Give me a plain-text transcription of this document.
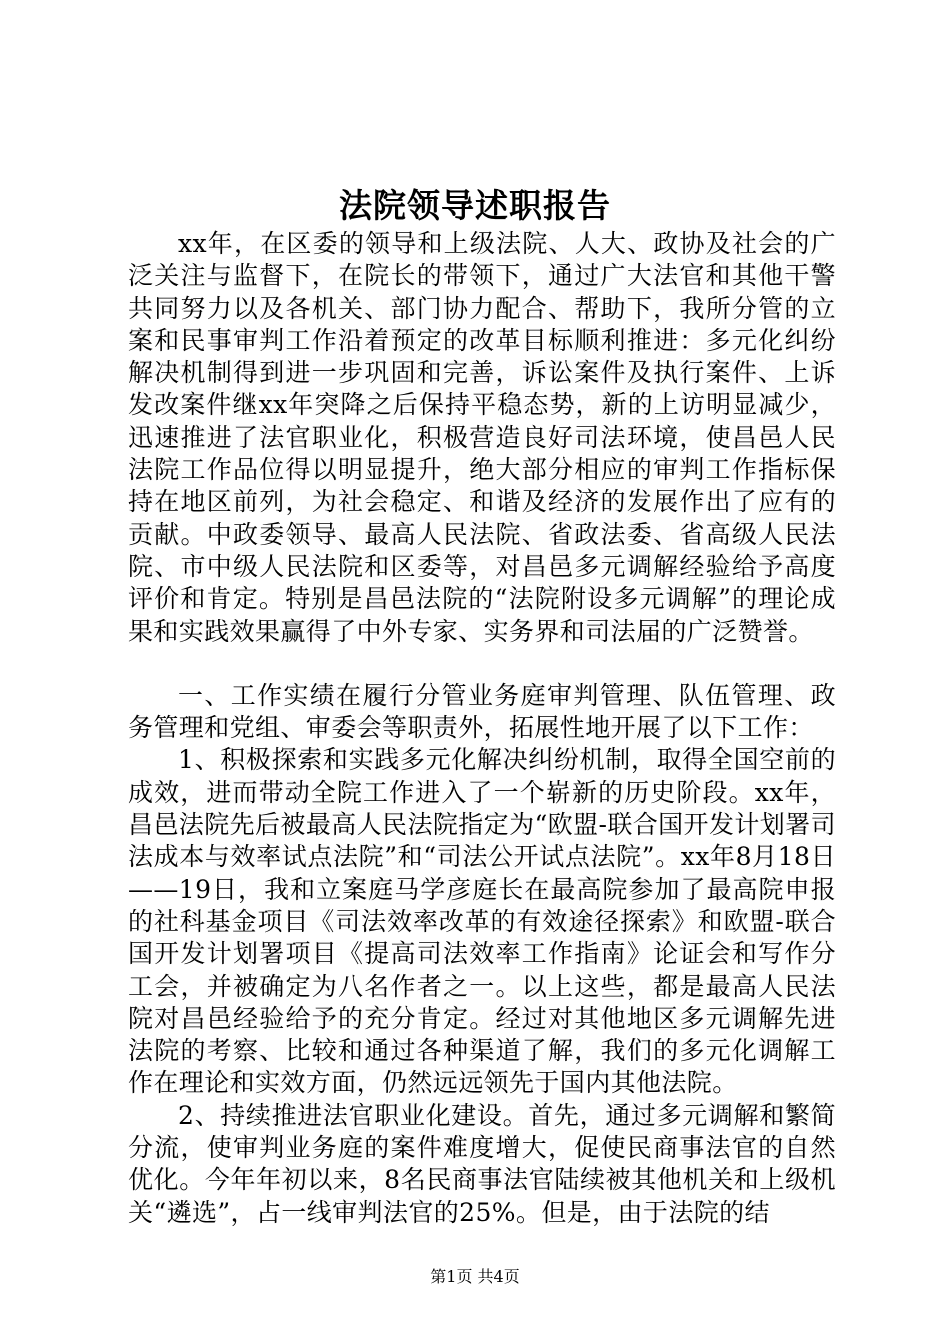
法院领导述职报告

xx年，在区委的领导和上级法院、人大、政协及社会的广泛关注与监督下，在院长的带领下，通过广大法官和其他干警共同努力以及各机关、部门协力配合、帮助下，我所分管的立案和民事审判工作沿着预定的改革目标顺利推进：多元化纠纷解决机制得到进一步巩固和完善，诉讼案件及执行案件、上诉发改案件继xx年突降之后保持平稳态势，新的上访明显减少，迅速推进了法官职业化，积极营造良好司法环境，使昌邑人民法院工作品位得以明显提升，绝大部分相应的审判工作指标保持在地区前列，为社会稳定、和谐及经济的发展作出了应有的贡献。中政委领导、最高人民法院、省政法委、省高级人民法院、市中级人民法院和区委等，对昌邑多元调解经验给予高度评价和肯定。特别是昌邑法院的“法院附设多元调解”的理论成果和实践效果赢得了中外专家、实务界和司法届的广泛赞誉。

一、工作实绩在履行分管业务庭审判管理、队伍管理、政务管理和党组、审委会等职责外，拓展性地开展了以下工作：

1、积极探索和实践多元化解决纠纷机制，取得全国空前的成效，进而带动全院工作进入了一个崭新的历史阶段。xx年，昌邑法院先后被最高人民法院指定为“欧盟-联合国开发计划署司法成本与效率试点法院”和“司法公开试点法院”。xx年8月18日——19日，我和立案庭马学彦庭长在最高院参加了最高院申报的社科基金项目《司法效率改革的有效途径探索》和欧盟-联合国开发计划署项目《提高司法效率工作指南》论证会和写作分工会，并被确定为八名作者之一。以上这些，都是最高人民法院对昌邑经验给予的充分肯定。经过对其他地区多元调解先进法院的考察、比较和通过各种渠道了解，我们的多元化调解工作在理论和实效方面，仍然远远领先于国内其他法院。

2、持续推进法官职业化建设。首先，通过多元调解和繁简分流，使审判业务庭的案件难度增大，促使民商事法官的自然优化。今年年初以来，8名民商事法官陆续被其他机关和上级机关“遴选”，占一线审判法官的25%。但是，由于法院的结

第1页 共4页
